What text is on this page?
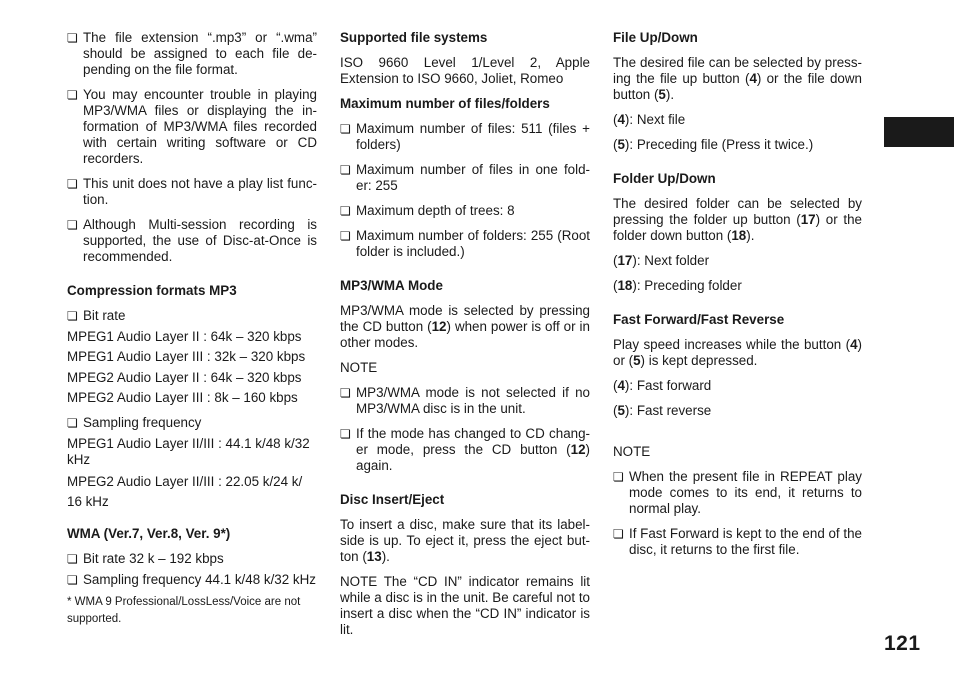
❏ The file extension “.mp3” or “.wma” should be assigned to each file de-pending on the file format.
❏ You may encounter trouble in playing MP3/WMA files or displaying the in-formation of MP3/WMA files recorded with certain writing software or CD recorders.
❏ This unit does not have a play list func-tion.
❏ Although Multi-session recording is supported, the use of Disc-at-Once is recommended.
Compression formats MP3
❏ Bit rate
MPEG1 Audio Layer II : 64k – 320 kbps
MPEG1 Audio Layer III : 32k – 320 kbps
MPEG2 Audio Layer II : 64k – 320 kbps
MPEG2 Audio Layer III : 8k – 160 kbps
❏ Sampling frequency
MPEG1 Audio Layer II/III : 44.1 k/48 k/32 kHz
MPEG2 Audio Layer II/III : 22.05 k/24 k/ 16 kHz
WMA (Ver.7, Ver.8, Ver. 9*)
❏ Bit rate 32 k – 192 kbps
❏ Sampling frequency 44.1 k/48 k/32 kHz
* WMA 9 Professional/LossLess/Voice are not supported.
Supported file systems
ISO 9660 Level 1/Level 2, Apple Extension to ISO 9660, Joliet, Romeo
Maximum number of files/folders
❏ Maximum number of files: 511 (files + folders)
❏ Maximum number of files in one fold-er: 255
❏ Maximum depth of trees: 8
❏ Maximum number of folders: 255 (Root folder is included.)
MP3/WMA Mode
MP3/WMA mode is selected by pressing the CD button (12) when power is off or in other modes.
NOTE
❏ MP3/WMA mode is not selected if no MP3/WMA disc is in the unit.
❏ If the mode has changed to CD chang-er mode, press the CD button (12) again.
Disc Insert/Eject
To insert a disc, make sure that its label-side is up. To eject it, press the eject but-ton (13).
NOTE The “CD IN” indicator remains lit while a disc is in the unit. Be careful not to insert a disc when the “CD IN” indicator is lit.
File Up/Down
The desired file can be selected by press-ing the file up button (4) or the file down button (5).
(4): Next file
(5): Preceding file (Press it twice.)
Folder Up/Down
The desired folder can be selected by pressing the folder up button (17) or the folder down button (18).
(17): Next folder
(18): Preceding folder
Fast Forward/Fast Reverse
Play speed increases while the button (4) or (5) is kept depressed.
(4): Fast forward
(5): Fast reverse
NOTE
❏ When the present file in REPEAT play mode comes to its end, it returns to normal play.
❏ If Fast Forward is kept to the end of the disc, it returns to the first file.
121
